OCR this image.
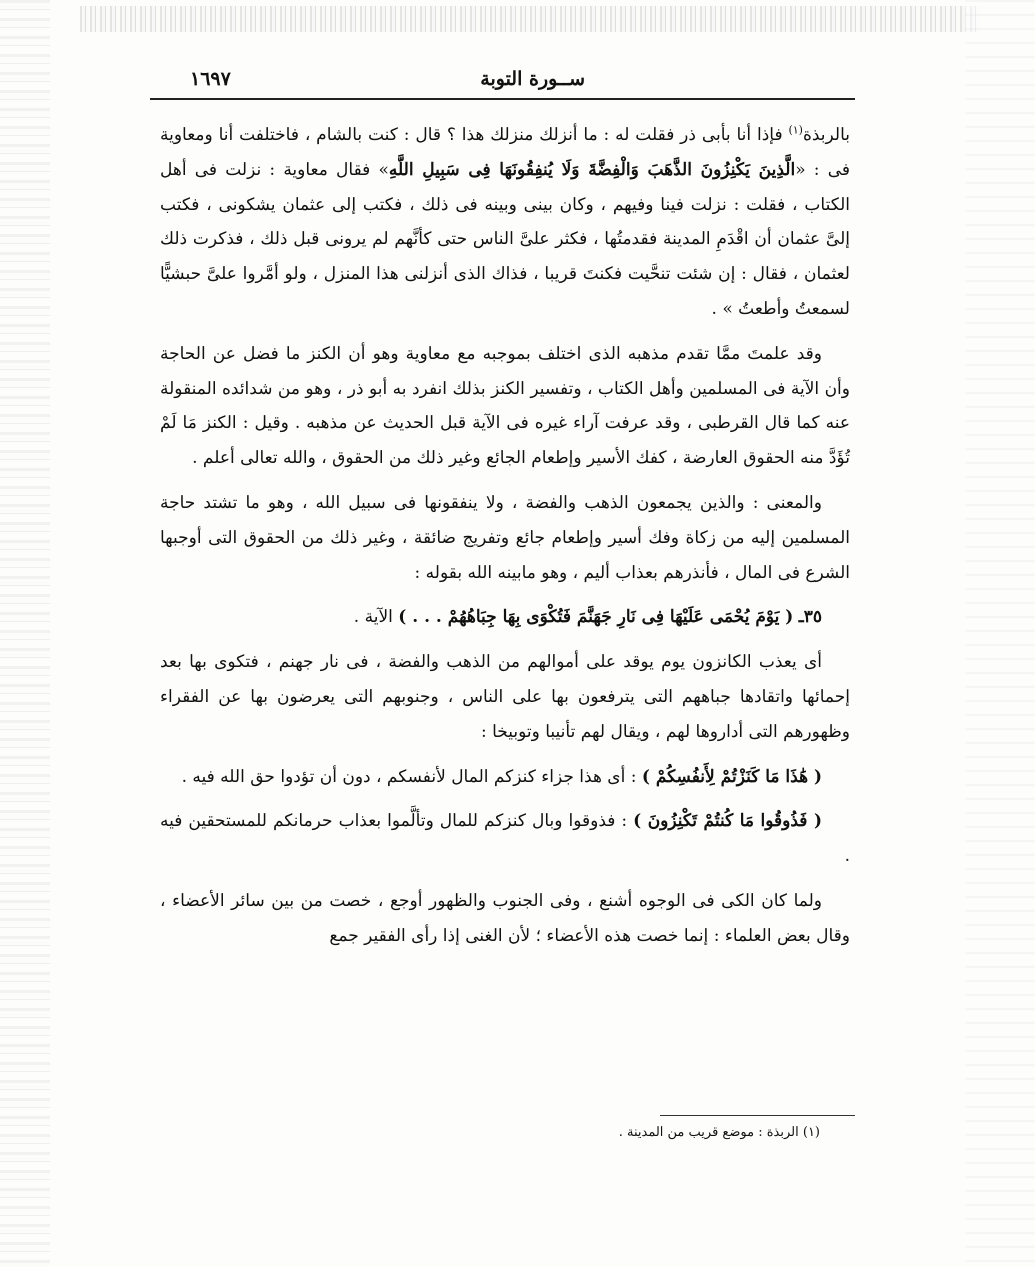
ســورة التوبة
١٦٩٧

بالربذة$^{(١)}$ فإذا أنا بأبى ذر فقلت له : ما أنزلك منزلك هذا ؟ قال : كنت بالشام ، فاختلفت أنا ومعاوية فى : «الَّذِينَ يَكْنِزُونَ الذَّهَبَ وَالْفِضَّةَ وَلَا يُنفِقُونَهَا فِى سَبِيلِ اللَّهِ» فقال معاوية : نزلت فى أهل الكتاب ، فقلت : نزلت فينا وفيهم ، وكان بينى وبينه فى ذلك ، فكتب إلى عثمان يشكونى ، فكتب إلىَّ عثمان أن اقْدَمِ المدينة فقدمتُها ، فكثر علىَّ الناس حتى كأنَّهم لم يرونى قبل ذلك ، فذكرت ذلك لعثمان ، فقال : إن شئت تنحَّيت فكنتَ قريبا ، فذاك الذى أنزلنى هذا المنزل ، ولو أمَّروا علىَّ حبشيًّا لسمعتُ وأطعتُ » .

وقد علمتَ ممَّا تقدم مذهبه الذى اختلف بموجبه مع معاوية وهو أن الكنز ما فضل عن الحاجة وأن الآية فى المسلمين وأهل الكتاب ، وتفسير الكنز بذلك انفرد به أبو ذر ، وهو من شدائده المنقولة عنه كما قال القرطبى ، وقد عرفت آراء غيره فى الآية قبل الحديث عن مذهبه . وقيل : الكنز مَا لَمْ تُؤَدَّ منه الحقوق العارضة ، كفك الأسير وإطعام الجائع وغير ذلك من الحقوق ، والله تعالى أعلم .

والمعنى : والذين يجمعون الذهب والفضة ، ولا ينفقونها فى سبيل الله ، وهو ما تشتد حاجة المسلمين إليه من زكاة وفك أسير وإطعام جائع وتفريج ضائقة ، وغير ذلك من الحقوق التى أوجبها الشرع فى المال ، فأنذرهم بعذاب أليم ، وهو مابينه الله بقوله :

٣٥ـ ( يَوْمَ يُحْمَى عَلَيْهَا فِى نَارِ جَهَنَّمَ فَتُكْوَى بِهَا جِبَاهُهُمْ . . . ) الآية .

أى يعذب الكانزون يوم يوقد على أموالهم من الذهب والفضة ، فى نار جهنم ، فتكوى بها بعد إحمائها واتقادها جباههم التى يترفعون بها على الناس ، وجنوبهم التى يعرضون بها عن الفقراء وظهورهم التى أداروها لهم ، ويقال لهم تأنيبا وتوبيخا :

( هَٰذَا مَا كَنَزْتُمْ لِأَنفُسِكُمْ ) : أى هذا جزاء كنزكم المال لأنفسكم ، دون أن تؤدوا حق الله فيه .

( فَذُوقُوا مَا كُنتُمْ تَكْنِزُونَ ) : فذوقوا وبال كنزكم للمال وتألَّموا بعذاب حرمانكم للمستحقين فيه .

ولما كان الكى فى الوجوه أشنع ، وفى الجنوب والظهور أوجع ، خصت من بين سائر الأعضاء ، وقال بعض العلماء : إنما خصت هذه الأعضاء ؛ لأن الغنى إذا رأى الفقير جمع

(١) الربذة : موضع قريب من المدينة .
